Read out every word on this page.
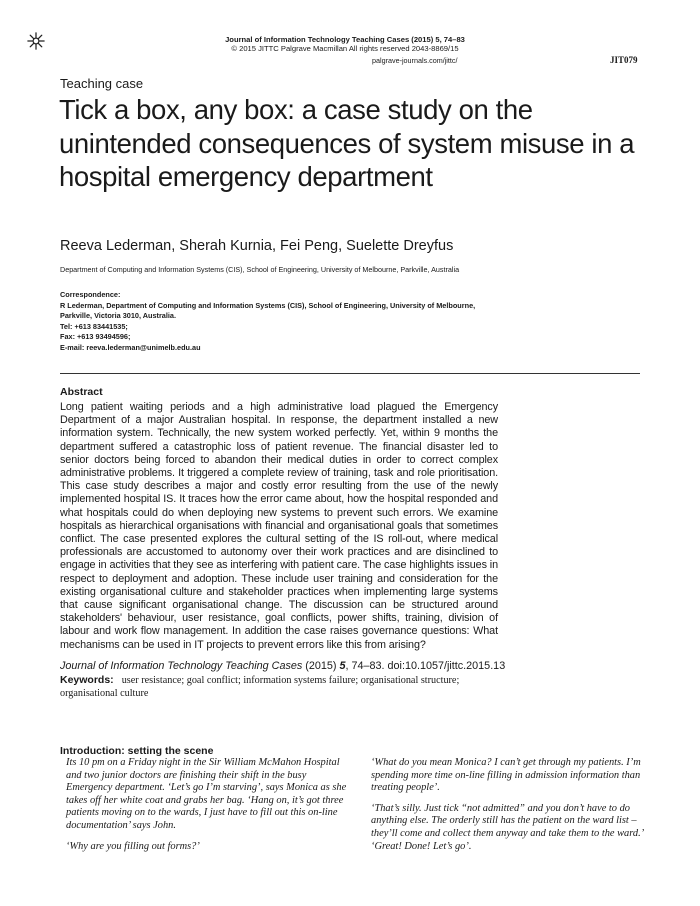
Journal of Information Technology Teaching Cases (2015) 5, 74–83
© 2015 JITTC Palgrave Macmillan All rights reserved 2043-8869/15
palgrave-journals.com/jittc/	JIT079
Teaching case
Tick a box, any box: a case study on the unintended consequences of system misuse in a hospital emergency department
Reeva Lederman, Sherah Kurnia, Fei Peng, Suelette Dreyfus
Department of Computing and Information Systems (CIS), School of Engineering, University of Melbourne, Parkville, Australia
Correspondence:
R Lederman, Department of Computing and Information Systems (CIS), School of Engineering, University of Melbourne,
Parkville, Victoria 3010, Australia.
Tel: +613 83441535;
Fax: +613 93494596;
E-mail: reeva.lederman@unimelb.edu.au
Abstract
Long patient waiting periods and a high administrative load plagued the Emergency Department of a major Australian hospital. In response, the department installed a new information system. Technically, the new system worked perfectly. Yet, within 9 months the department suffered a catastrophic loss of patient revenue. The financial disaster led to senior doctors being forced to abandon their medical duties in order to correct complex administrative problems. It triggered a complete review of training, task and role prioritisation. This case study describes a major and costly error resulting from the use of the newly implemented hospital IS. It traces how the error came about, how the hospital responded and what hospitals could do when deploying new systems to prevent such errors. We examine hospitals as hierarchical organisations with financial and organisational goals that sometimes conflict. The case presented explores the cultural setting of the IS roll-out, where medical professionals are accustomed to autonomy over their work practices and are disinclined to engage in activities that they see as interfering with patient care. The case highlights issues in respect to deployment and adoption. These include user training and consideration for the existing organisational culture and stakeholder practices when implementing large systems that cause significant organisational change. The discussion can be structured around stakeholders' behaviour, user resistance, goal conflicts, power shifts, training, division of labour and work flow management. In addition the case raises governance questions: What mechanisms can be used in IT projects to prevent errors like this from arising?
Journal of Information Technology Teaching Cases (2015) 5, 74–83. doi:10.1057/jittc.2015.13
Keywords: user resistance; goal conflict; information systems failure; organisational structure; organisational culture
Introduction: setting the scene

Its 10 pm on a Friday night in the Sir William McMahon Hospital and two junior doctors are finishing their shift in the busy Emergency department. ‘Let’s go I’m starving’, says Monica as she takes off her white coat and grabs her bag. ‘Hang on, it’s got three patients moving on to the wards, I just have to fill out this on-line documentation’ says John.

‘Why are you filling out forms?’

‘What do you mean Monica? I can’t get through my patients. I’m spending more time on-line filling in admission information than treating people’.

‘That’s silly. Just tick “not admitted” and you don’t have to do anything else. The orderly still has the patient on the ward list – they’ll come and collect them anyway and take them to the ward.’ ‘Great! Done! Let’s go’.
